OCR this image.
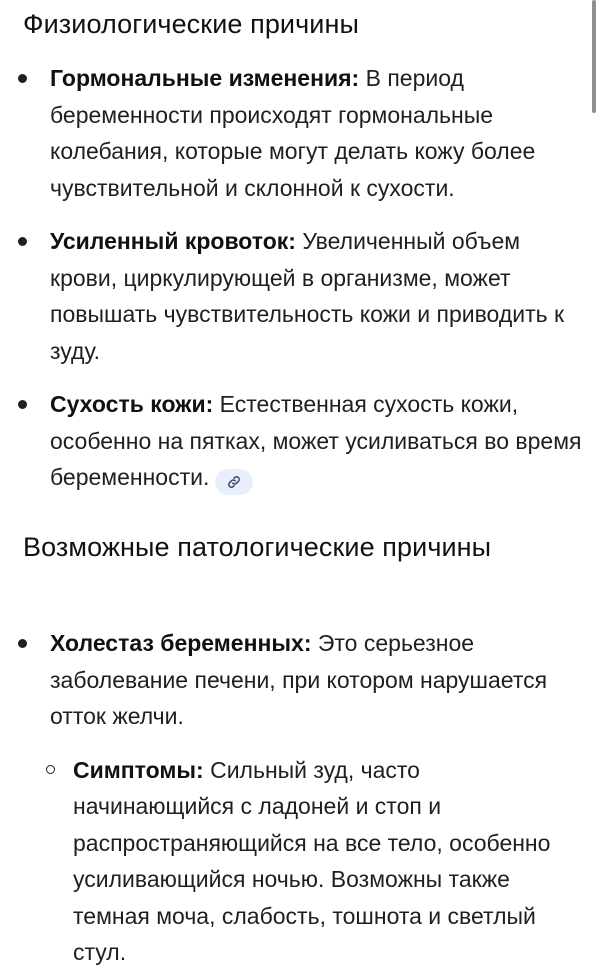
Физиологические причины
Гормональные изменения: В период беременности происходят гормональные колебания, которые могут делать кожу более чувствительной и склонной к сухости.
Усиленный кровоток: Увеличенный объем крови, циркулирующей в организме, может повышать чувствительность кожи и приводить к зуду.
Сухость кожи: Естественная сухость кожи, особенно на пятках, может усиливаться во время беременности.
Возможные патологические причины
Холестаз беременных: Это серьезное заболевание печени, при котором нарушается отток желчи.
Симптомы: Сильный зуд, часто начинающийся с ладоней и стоп и распространяющийся на все тело, особенно усиливающийся ночью. Возможны также темная моча, слабость, тошнота и светлый стул.
